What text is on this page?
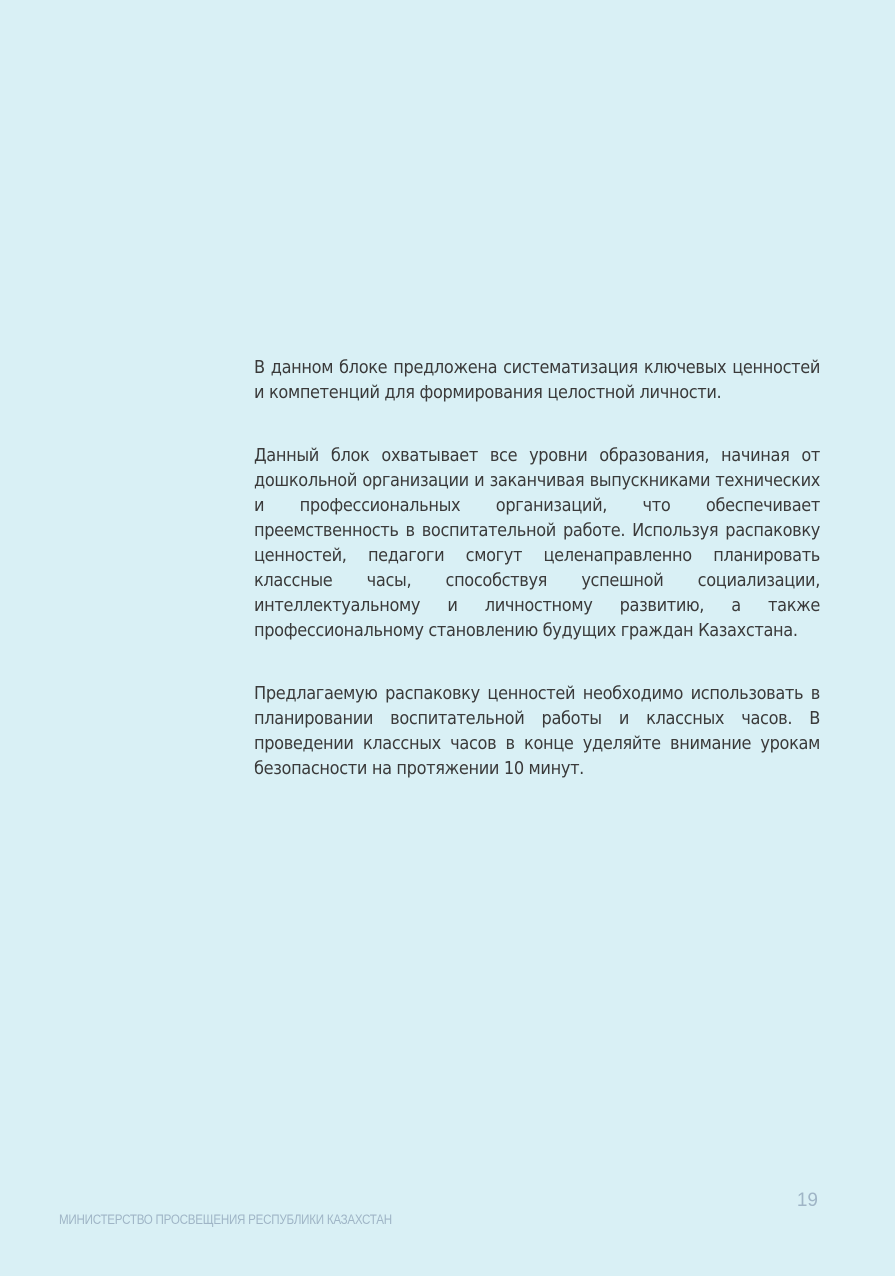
В данном блоке предложена систематизация ключевых ценностей и компетенций для формирования целостной личности.

Данный блок охватывает все уровни образования, начиная от дошкольной организации и заканчивая выпускниками технических и профессиональных организаций, что обеспечивает преемственность в воспитательной работе. Используя распаковку ценностей, педагоги смогут целенаправленно планировать классные часы, способствуя успешной социализации, интеллектуальному и личностному развитию, а также профессиональному становлению будущих граждан Казахстана.

Предлагаемую распаковку ценностей необходимо использовать в планировании воспитательной работы и классных часов. В проведении классных часов в конце уделяйте внимание урокам безопасности на протяжении 10 минут.

МИНИСТЕРСТВО ПРОСВЕЩЕНИЯ РЕСПУБЛИКИ КАЗАХСТАН
19
